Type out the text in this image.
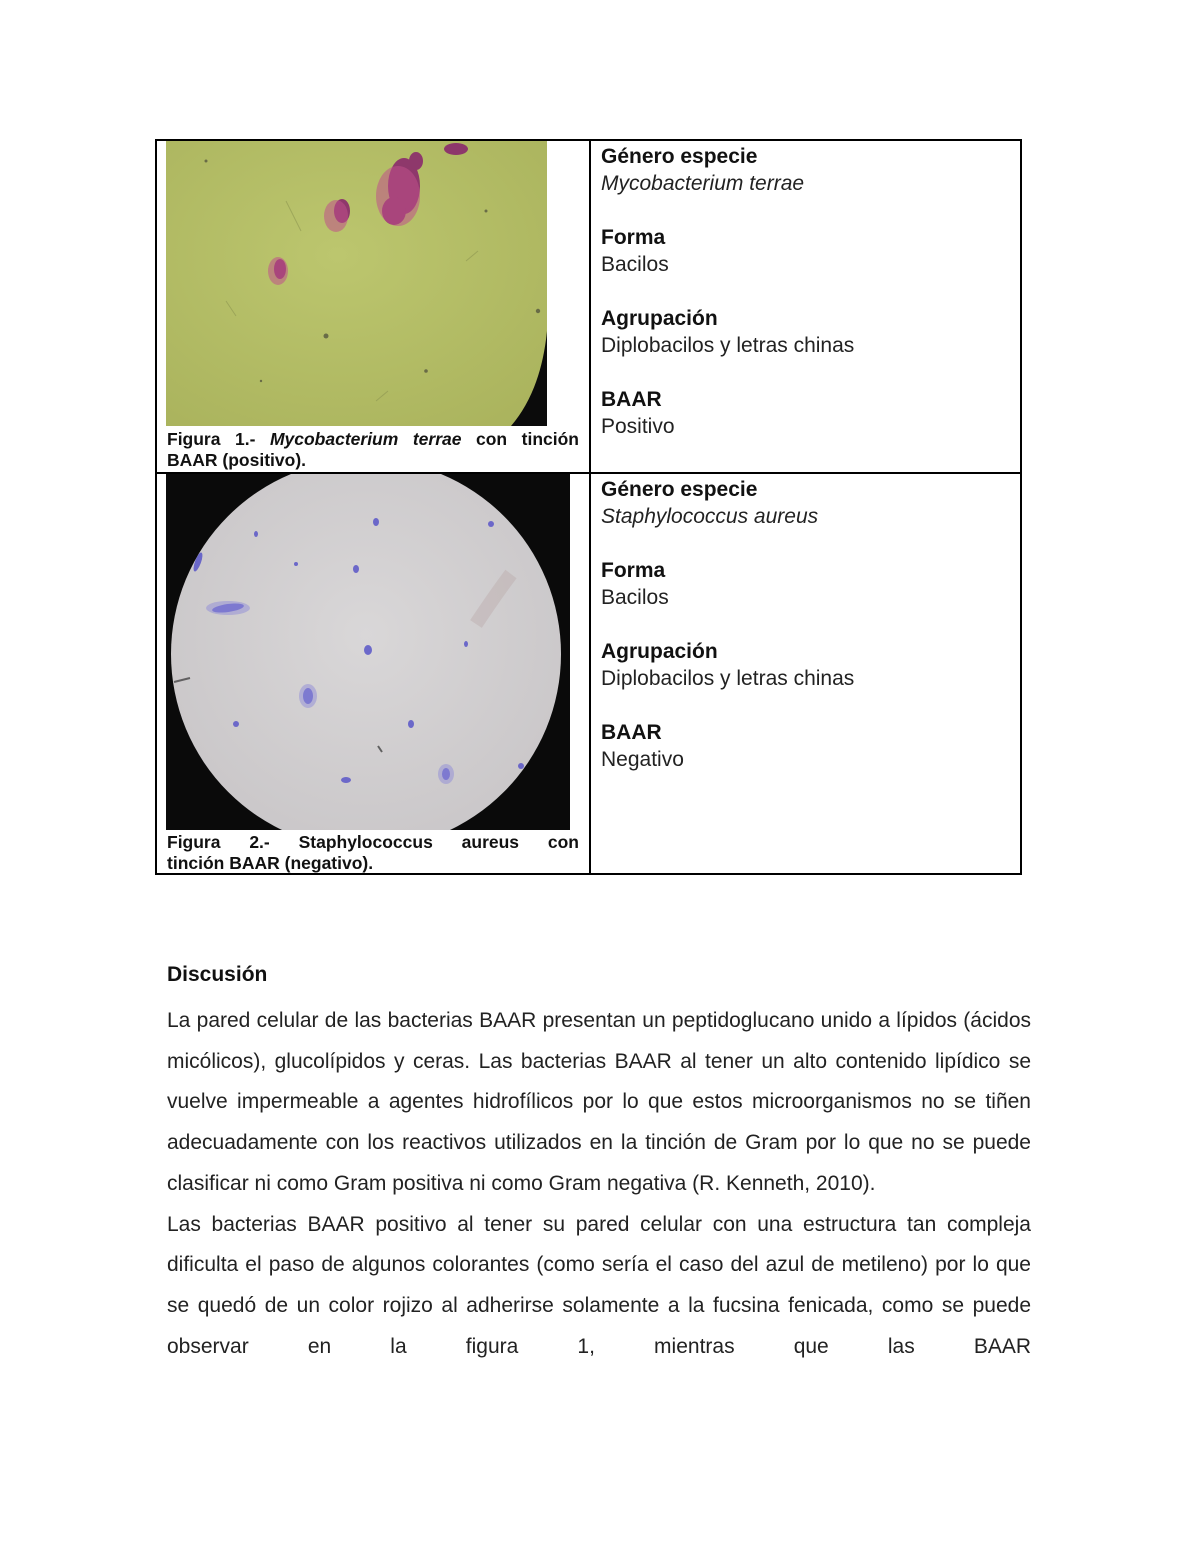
Figura 1.- Mycobacterium terrae con tinción BAAR (positivo).
Género especie
Mycobacterium terrae
Forma
Bacilos
Agrupación
Diplobacilos y letras chinas
BAAR
Positivo
Figura 2.- Staphylococcus aureus con
tinción BAAR (negativo).
Género especie
Staphylococcus aureus
Forma
Bacilos
Agrupación
Diplobacilos y letras chinas
BAAR
Negativo
Discusión

La pared celular de las bacterias BAAR presentan un peptidoglucano unido a lípidos (ácidos micólicos), glucolípidos y ceras. Las bacterias BAAR al tener un alto contenido lipídico se vuelve impermeable a agentes hidrofílicos por lo que estos microorganismos no se tiñen adecuadamente con los reactivos utilizados en la tinción de Gram por lo que no se puede clasificar ni como Gram positiva ni como Gram negativa (R. Kenneth, 2010).

Las bacterias BAAR positivo al tener su pared celular con una estructura tan compleja dificulta el paso de algunos colorantes (como sería el caso del azul de metileno) por lo que se quedó de un color rojizo al adherirse solamente a la fucsina fenicada, como se puede observar en la figura 1, mientras que las BAAR
